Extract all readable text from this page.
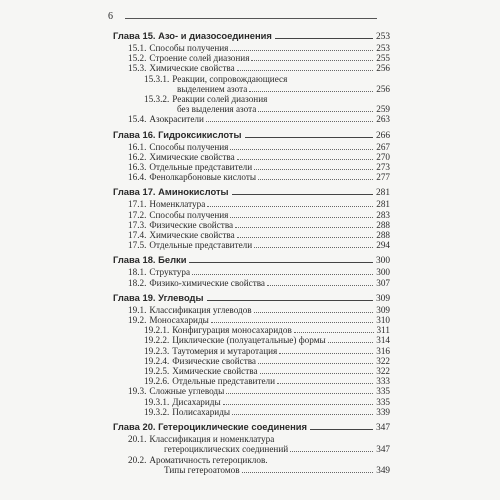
6
Глава 15. Азо- и диазосоединения	253
15.1. Способы получения	253
15.2. Строение солей диазония	255
15.3. Химические свойства	256
15.3.1. Реакции, сопровождающиеся
выделением азота	256
15.3.2. Реакции солей диазония
без выделения азота	259
15.4. Азокрасители	263
Глава 16. Гидроксикислоты	266
16.1. Способы получения	267
16.2. Химические свойства	270
16.3. Отдельные представители	273
16.4. Фенолкарбоновые кислоты	277
Глава 17. Аминокислоты	281
17.1. Номенклатура	281
17.2. Способы получения	283
17.3. Физические свойства	288
17.4. Химические свойства	288
17.5. Отдельные представители	294
Глава 18. Белки	300
18.1. Структура	300
18.2. Физико-химические свойства	307
Глава 19. Углеводы	309
19.1. Классификация углеводов	309
19.2. Моносахариды	310
19.2.1. Конфигурация моносахаридов	311
19.2.2. Циклические (полуацетальные) формы	314
19.2.3. Таутомерия и мутаротация	316
19.2.4. Физические свойства	322
19.2.5. Химические свойства	322
19.2.6. Отдельные представители	333
19.3. Сложные углеводы	335
19.3.1. Дисахариды	335
19.3.2. Полисахариды	339
Глава 20. Гетероциклические соединения	347
20.1. Классификация и номенклатура
гетероциклических соединений	347
20.2. Ароматичность гетероциклов.
Типы гетероатомов	349
